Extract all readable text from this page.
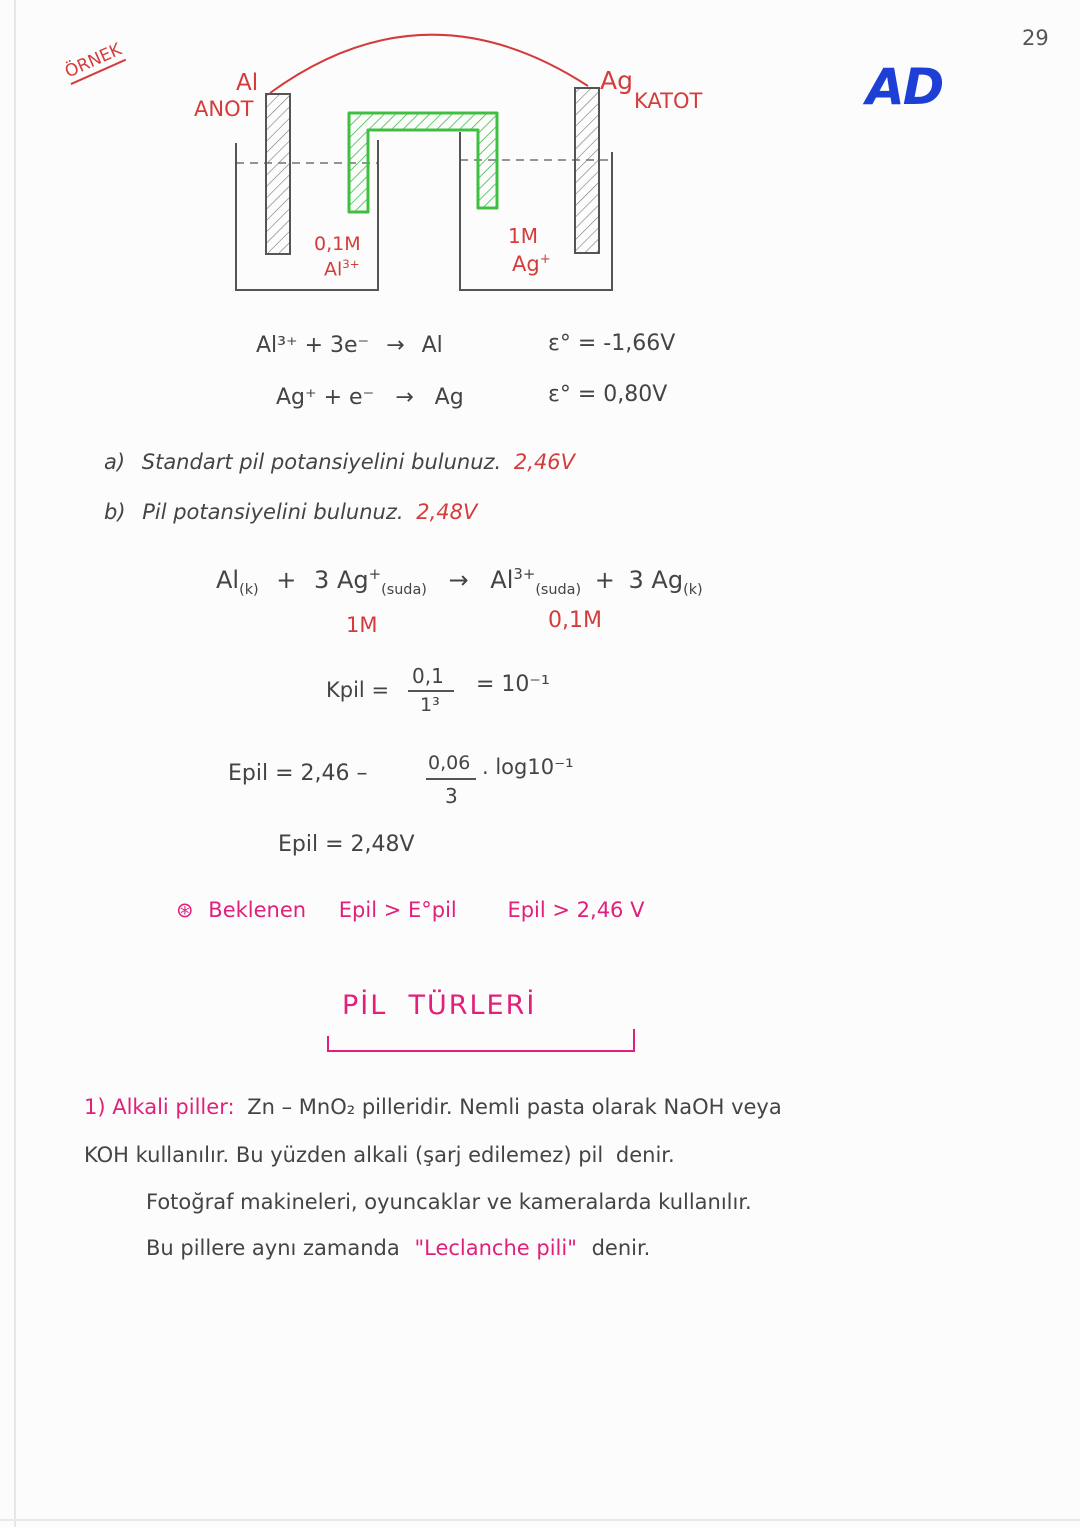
29
ÖRNEK	AD
Al
ANOT
Ag
KATOT
0,1M
$Al^{3+}$
1M
Ag+
Al³⁺ + 3e⁻ → Al	ε° = -1,66V
Ag⁺ + e⁻ → Ag	ε° = 0,80V
a) Standart pil potansiyelini bulunuz. 2,46V
b) Pil potansiyelini bulunuz. 2,48V
$Al_{(k)} + 3$ $Ag^+_{(suda)} \to Al^{3+}_{(suda)} + 3$ $Ag_{(k)}$
1M	0,1M
Kpil =
0,1
1³
= 10⁻¹
Epil = 2,46 –	0,06
3
. log10⁻¹
Epil = 2,48V
⊛ Beklenen Epil > E°pil Epil > 2,46 V
PİL  TÜRLERİ
1) Alkali piller: Zn – MnO₂ pilleridir. Nemli pasta olarak NaOH veya
KOH kullanılır. Bu yüzden alkali (şarj edilemez) pil denir.
Fotoğraf makineleri, oyuncaklar ve kameralarda kullanılır.
Bu pillere aynı zamanda "Leclanche pili" denir.
